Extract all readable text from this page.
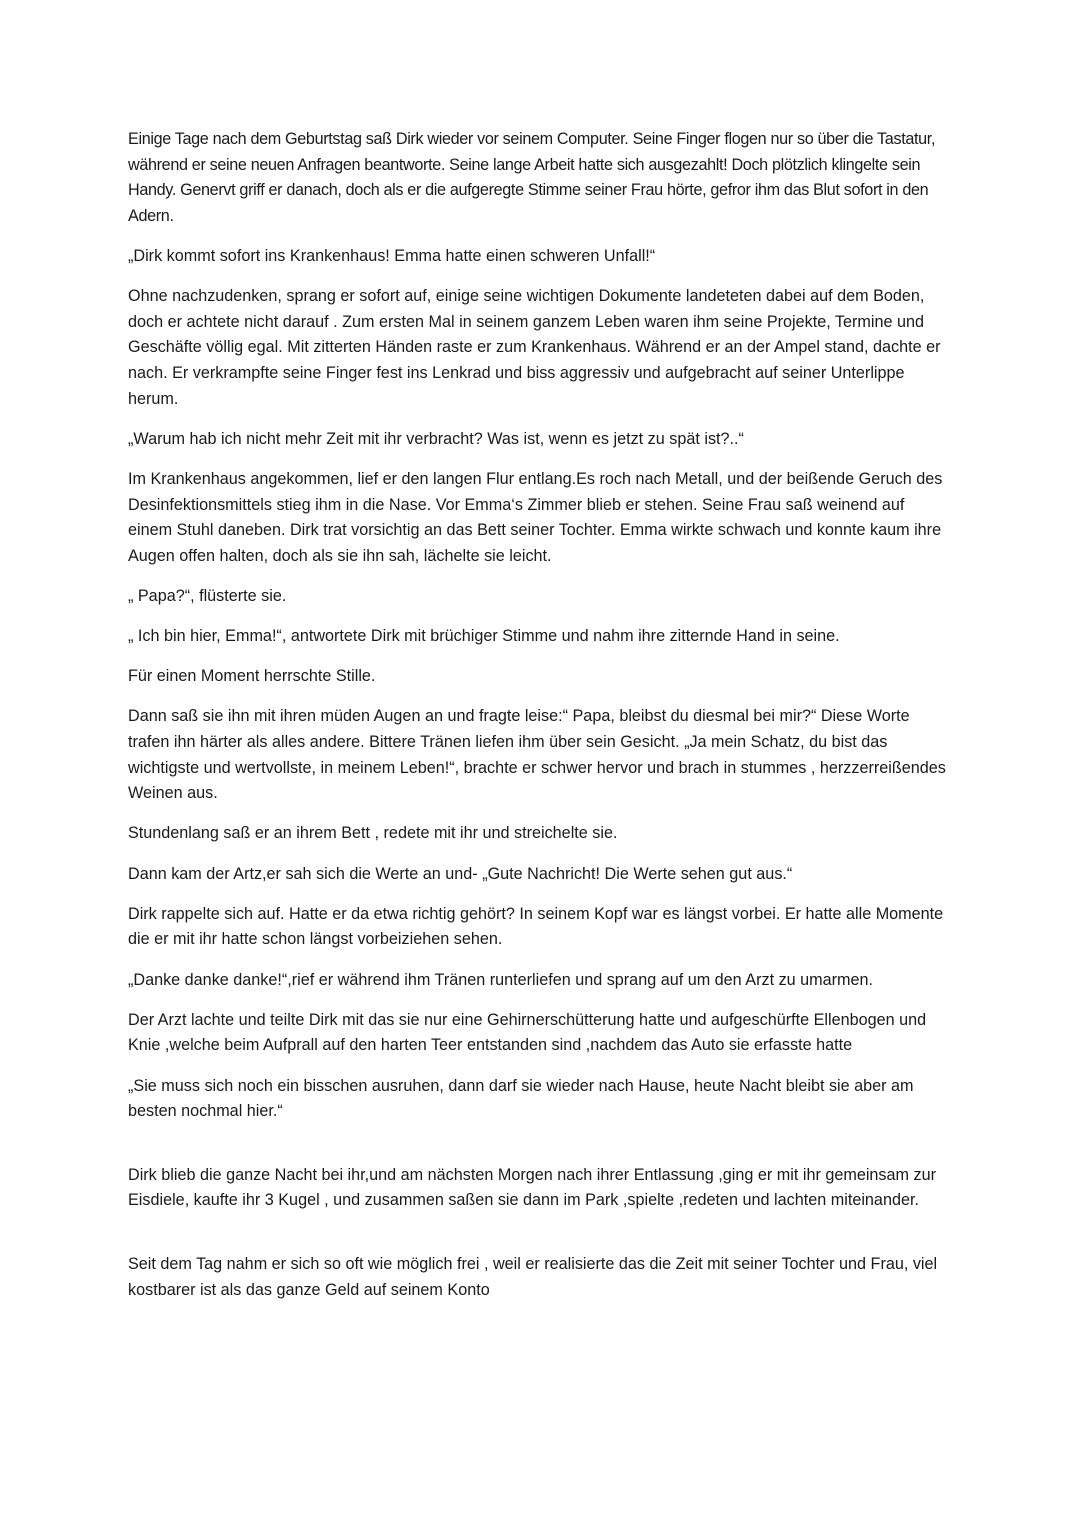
Einige Tage nach dem Geburtstag saß Dirk wieder vor seinem Computer. Seine Finger flogen nur so über die Tastatur, während er seine neuen Anfragen beantworte. Seine lange Arbeit hatte sich ausgezahlt! Doch plötzlich klingelte sein Handy. Genervt griff er danach, doch als er die aufgeregte Stimme seiner Frau hörte, gefror ihm das Blut sofort in den Adern.

„Dirk kommt sofort ins Krankenhaus! Emma hatte einen schweren Unfall!“

Ohne nachzudenken, sprang er sofort auf, einige seine wichtigen Dokumente landeteten dabei auf dem Boden, doch er achtete nicht darauf . Zum ersten Mal in seinem ganzem Leben waren ihm seine Projekte, Termine und Geschäfte völlig egal. Mit zitterten Händen raste er zum Krankenhaus. Während er an der Ampel stand, dachte er nach. Er verkrampfte seine Finger fest ins Lenkrad und biss aggressiv und aufgebracht auf seiner Unterlippe herum.

„Warum hab ich nicht mehr Zeit mit ihr verbracht? Was ist, wenn es jetzt zu spät ist?..“

Im Krankenhaus angekommen, lief er den langen Flur entlang.Es roch nach Metall, und der beißende Geruch des Desinfektionsmittels stieg ihm in die Nase. Vor Emma‘s Zimmer blieb er stehen. Seine Frau saß weinend auf einem Stuhl daneben. Dirk trat vorsichtig an das Bett seiner Tochter. Emma wirkte schwach und konnte kaum ihre Augen offen halten, doch als sie ihn sah, lächelte sie leicht.

„ Papa?“, flüsterte sie.

„ Ich bin hier, Emma!“, antwortete Dirk mit brüchiger Stimme und nahm ihre zitternde Hand in seine.

Für einen Moment herrschte Stille.

Dann saß sie ihn mit ihren müden Augen an und fragte leise:“ Papa, bleibst du diesmal bei mir?“ Diese Worte trafen ihn härter als alles andere. Bittere Tränen liefen ihm über sein Gesicht. „Ja mein Schatz, du bist das wichtigste und wertvollste, in meinem Leben!“, brachte er schwer hervor und brach in stummes , herzzerreißendes Weinen aus.

Stundenlang saß er an ihrem Bett , redete mit ihr und streichelte sie.

Dann kam der Artz,er sah sich die Werte an und- „Gute Nachricht! Die Werte sehen gut aus.“

Dirk rappelte sich auf. Hatte er da etwa richtig gehört? In seinem Kopf war es längst vorbei. Er hatte alle Momente die er mit ihr hatte schon längst vorbeiziehen sehen.

„Danke danke danke!“,rief er während ihm Tränen runterliefen und sprang auf um den Arzt zu umarmen.

Der Arzt lachte und teilte Dirk mit das sie nur eine Gehirnerschütterung hatte und aufgeschürfte Ellenbogen und Knie ,welche beim Aufprall auf den harten Teer entstanden sind ,nachdem das Auto sie erfasste hatte

„Sie muss sich noch ein bisschen ausruhen, dann darf sie wieder nach Hause, heute Nacht bleibt sie aber am besten nochmal hier.“

Dirk blieb die ganze Nacht bei ihr,und am nächsten Morgen nach ihrer Entlassung ,ging er mit ihr gemeinsam zur Eisdiele, kaufte ihr 3 Kugel , und zusammen saßen sie dann im Park ,spielte ,redeten und lachten miteinander.

Seit dem Tag nahm er sich so oft wie möglich frei , weil er realisierte das die Zeit mit seiner Tochter und Frau, viel kostbarer ist als das ganze Geld auf seinem Konto
